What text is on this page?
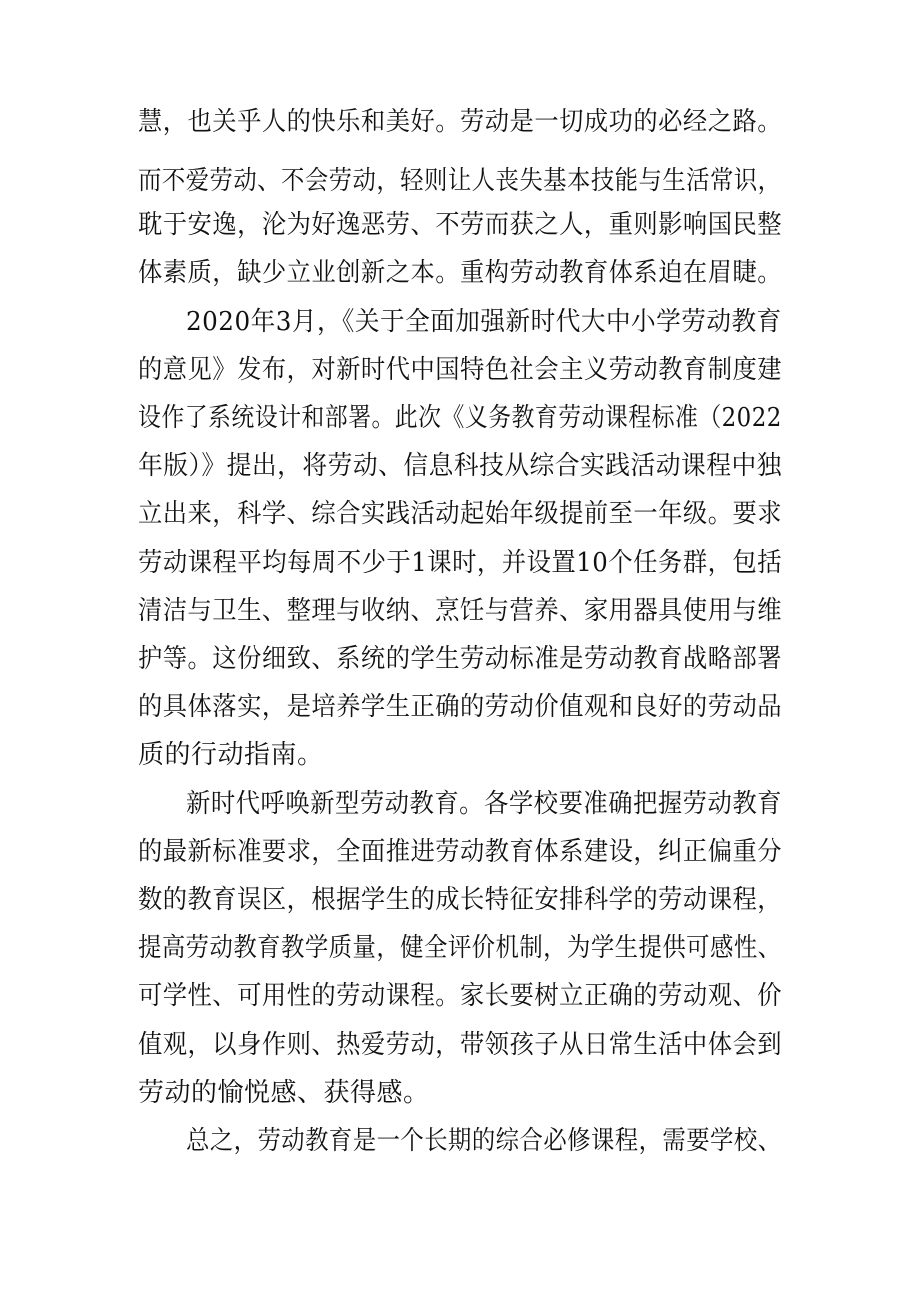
慧，也关乎人的快乐和美好。劳动是一切成功的必经之路。
而不爱劳动、不会劳动，轻则让人丧失基本技能与生活常识，
耽于安逸，沦为好逸恶劳、不劳而获之人，重则影响国民整
体素质，缺少立业创新之本。重构劳动教育体系迫在眉睫。
2020年3月，《关于全面加强新时代大中小学劳动教育
的意见》发布，对新时代中国特色社会主义劳动教育制度建
设作了系统设计和部署。此次《义务教育劳动课程标准（2022
年版）》提出，将劳动、信息科技从综合实践活动课程中独
立出来，科学、综合实践活动起始年级提前至一年级。要求
劳动课程平均每周不少于1课时，并设置10个任务群，包括
清洁与卫生、整理与收纳、烹饪与营养、家用器具使用与维
护等。这份细致、系统的学生劳动标准是劳动教育战略部署
的具体落实，是培养学生正确的劳动价值观和良好的劳动品
质的行动指南。
新时代呼唤新型劳动教育。各学校要准确把握劳动教育
的最新标准要求，全面推进劳动教育体系建设，纠正偏重分
数的教育误区，根据学生的成长特征安排科学的劳动课程，
提高劳动教育教学质量，健全评价机制，为学生提供可感性、
可学性、可用性的劳动课程。家长要树立正确的劳动观、价
值观，以身作则、热爱劳动，带领孩子从日常生活中体会到
劳动的愉悦感、获得感。
总之，劳动教育是一个长期的综合必修课程，需要学校、
